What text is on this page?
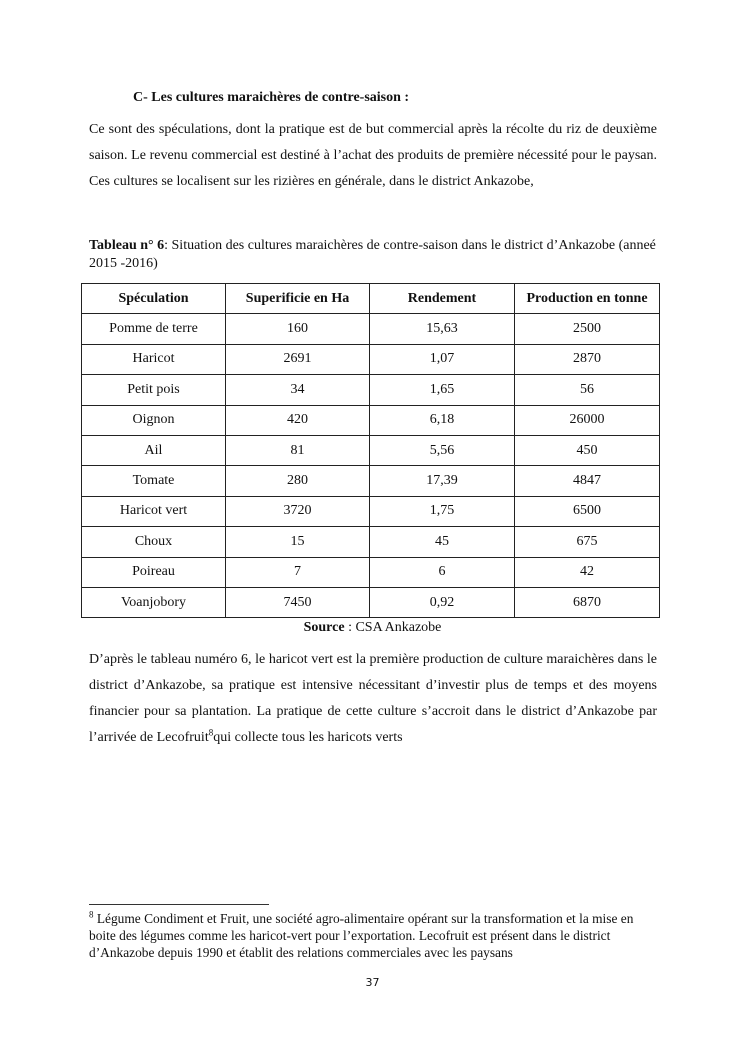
C- Les cultures maraichères de contre-saison :
Ce sont des spéculations, dont la pratique est de but commercial après la récolte du riz de deuxième saison. Le revenu commercial est destiné à l’achat des produits de première nécessité pour le paysan. Ces cultures se localisent sur les rizières en générale, dans le district Ankazobe,
Tableau n° 6: Situation des cultures maraichères de contre-saison dans le district d’Ankazobe (anneé 2015 -2016)
Spéculation	Superificie en Ha	Rendement	Production en tonne
Pomme de terre	160	15,63	2500
Haricot	2691	1,07	2870
Petit pois	34	1,65	56
Oignon	420	6,18	26000
Ail	81	5,56	450
Tomate	280	17,39	4847
Haricot vert	3720	1,75	6500
Choux	15	45	675
Poireau	7	6	42
Voanjobory	7450	0,92	6870
Source : CSA Ankazobe
D’après le tableau numéro 6, le haricot vert est la première production de culture maraichères dans le district d’Ankazobe, sa pratique est intensive nécessitant d’investir plus de temps et des moyens financier pour sa plantation. La pratique de cette culture s’accroit dans le district d’Ankazobe par l’arrivée de Lecofruit$^8$qui collecte tous les haricots verts
$^8$ Légume Condiment et Fruit, une société agro-alimentaire opérant sur la transformation et la mise en boite des légumes comme les haricot-vert pour l’exportation. Lecofruit est présent dans le district d’Ankazobe depuis 1990 et établit des relations commerciales avec les paysans
37
